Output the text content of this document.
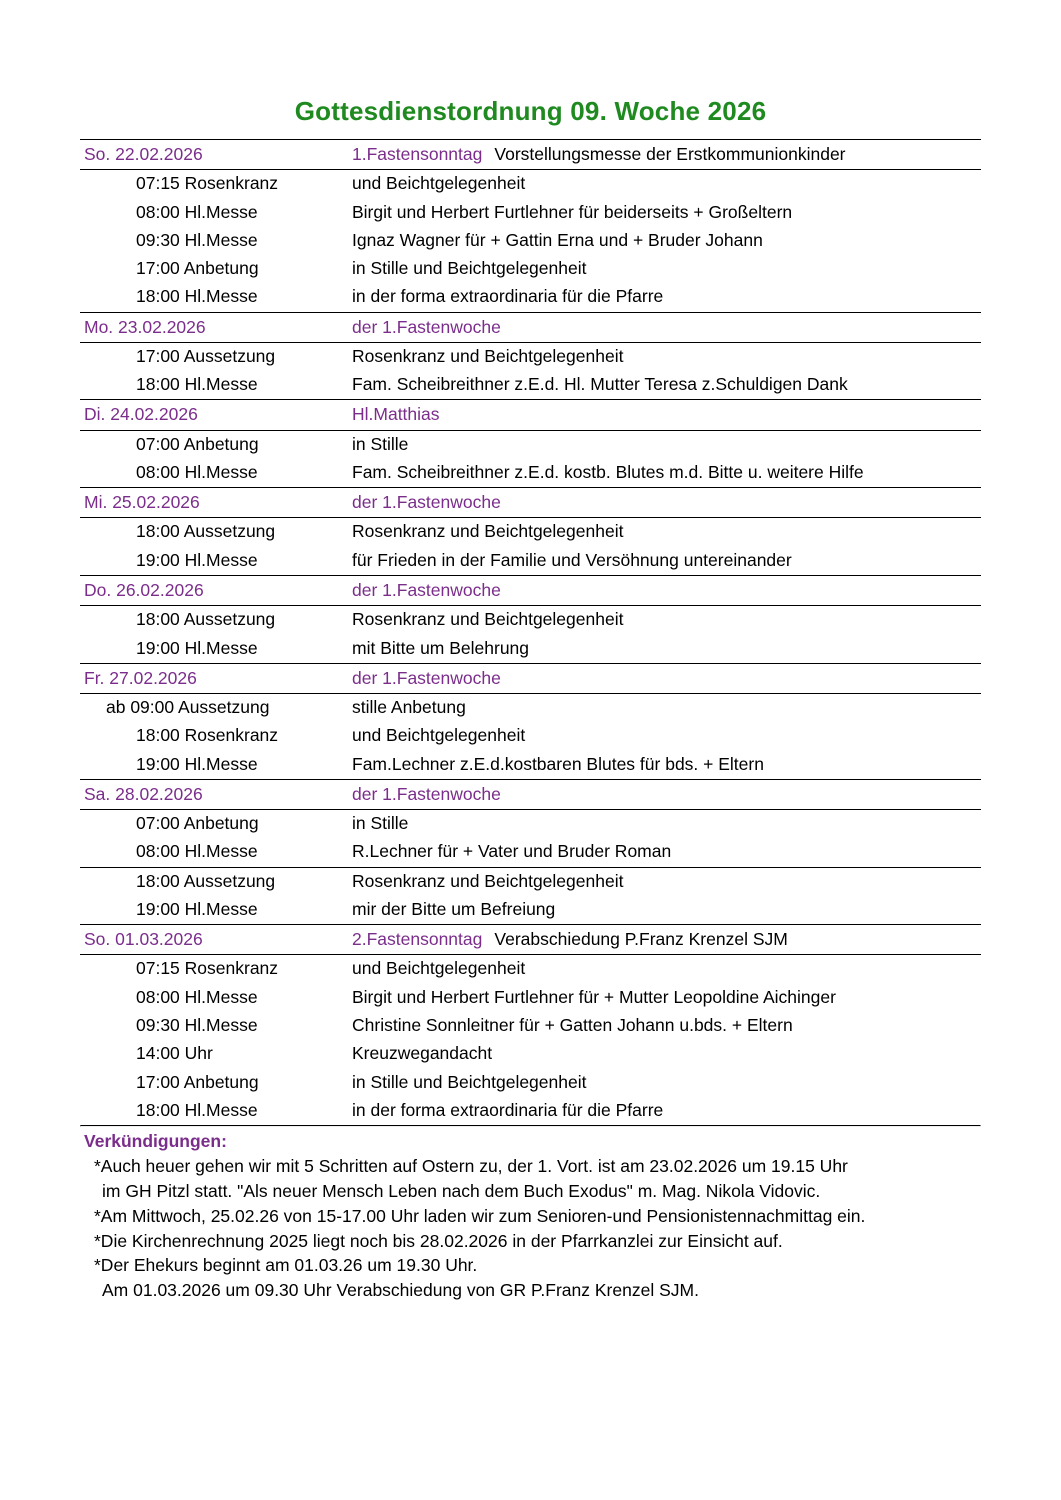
Gottesdienstordnung 09. Woche 2026
So. 22.02.2026	1.Fastensonntag Vorstellungsmesse der Erstkommunionkinder
07:15 Rosenkranz	und Beichtgelegenheit
08:00 Hl.Messe	Birgit und Herbert Furtlehner für beiderseits + Großeltern
09:30 Hl.Messe	Ignaz Wagner für + Gattin Erna und + Bruder Johann
17:00 Anbetung	in Stille und Beichtgelegenheit
18:00 Hl.Messe	in der forma extraordinaria für die Pfarre
Mo. 23.02.2026	der 1.Fastenwoche
17:00 Aussetzung	Rosenkranz und Beichtgelegenheit
18:00 Hl.Messe	Fam. Scheibreithner z.E.d. Hl. Mutter Teresa z.Schuldigen Dank
Di. 24.02.2026	Hl.Matthias
07:00 Anbetung	in Stille
08:00 Hl.Messe	Fam. Scheibreithner z.E.d. kostb. Blutes m.d. Bitte u. weitere Hilfe
Mi. 25.02.2026	der 1.Fastenwoche
18:00 Aussetzung	Rosenkranz und Beichtgelegenheit
19:00 Hl.Messe	für Frieden in der Familie und Versöhnung untereinander
Do. 26.02.2026	der 1.Fastenwoche
18:00 Aussetzung	Rosenkranz und Beichtgelegenheit
19:00 Hl.Messe	mit Bitte um Belehrung
Fr. 27.02.2026	der 1.Fastenwoche
ab 09:00 Aussetzung	stille Anbetung
18:00 Rosenkranz	und Beichtgelegenheit
19:00 Hl.Messe	Fam.Lechner z.E.d.kostbaren Blutes für bds. + Eltern
Sa. 28.02.2026	der 1.Fastenwoche
07:00 Anbetung	in Stille
08:00 Hl.Messe	R.Lechner für + Vater und Bruder Roman

18:00 Aussetzung	Rosenkranz und Beichtgelegenheit
19:00 Hl.Messe	mir der Bitte um Befreiung
So. 01.03.2026	2.Fastensonntag Verabschiedung P.Franz Krenzel SJM
07:15 Rosenkranz	und Beichtgelegenheit
08:00 Hl.Messe	Birgit und Herbert Furtlehner für + Mutter Leopoldine Aichinger
09:30 Hl.Messe	Christine Sonnleitner für + Gatten Johann u.bds. + Eltern
14:00 Uhr	Kreuzwegandacht
17:00 Anbetung	in Stille und Beichtgelegenheit
18:00 Hl.Messe	in der forma extraordinaria für die Pfarre
Verkündigungen:
*Auch heuer gehen wir mit 5 Schritten auf Ostern zu, der 1. Vort. ist am 23.02.2026 um 19.15 Uhr
im GH Pitzl statt. "Als neuer Mensch Leben nach dem Buch Exodus" m. Mag. Nikola Vidovic.
*Am Mittwoch, 25.02.26 von 15-17.00 Uhr laden wir zum Senioren-und Pensionistennachmittag ein.
*Die Kirchenrechnung 2025 liegt noch bis 28.02.2026 in der Pfarrkanzlei zur Einsicht auf.
*Der Ehekurs beginnt am 01.03.26 um 19.30 Uhr.
Am 01.03.2026 um 09.30 Uhr Verabschiedung von GR P.Franz Krenzel SJM.
